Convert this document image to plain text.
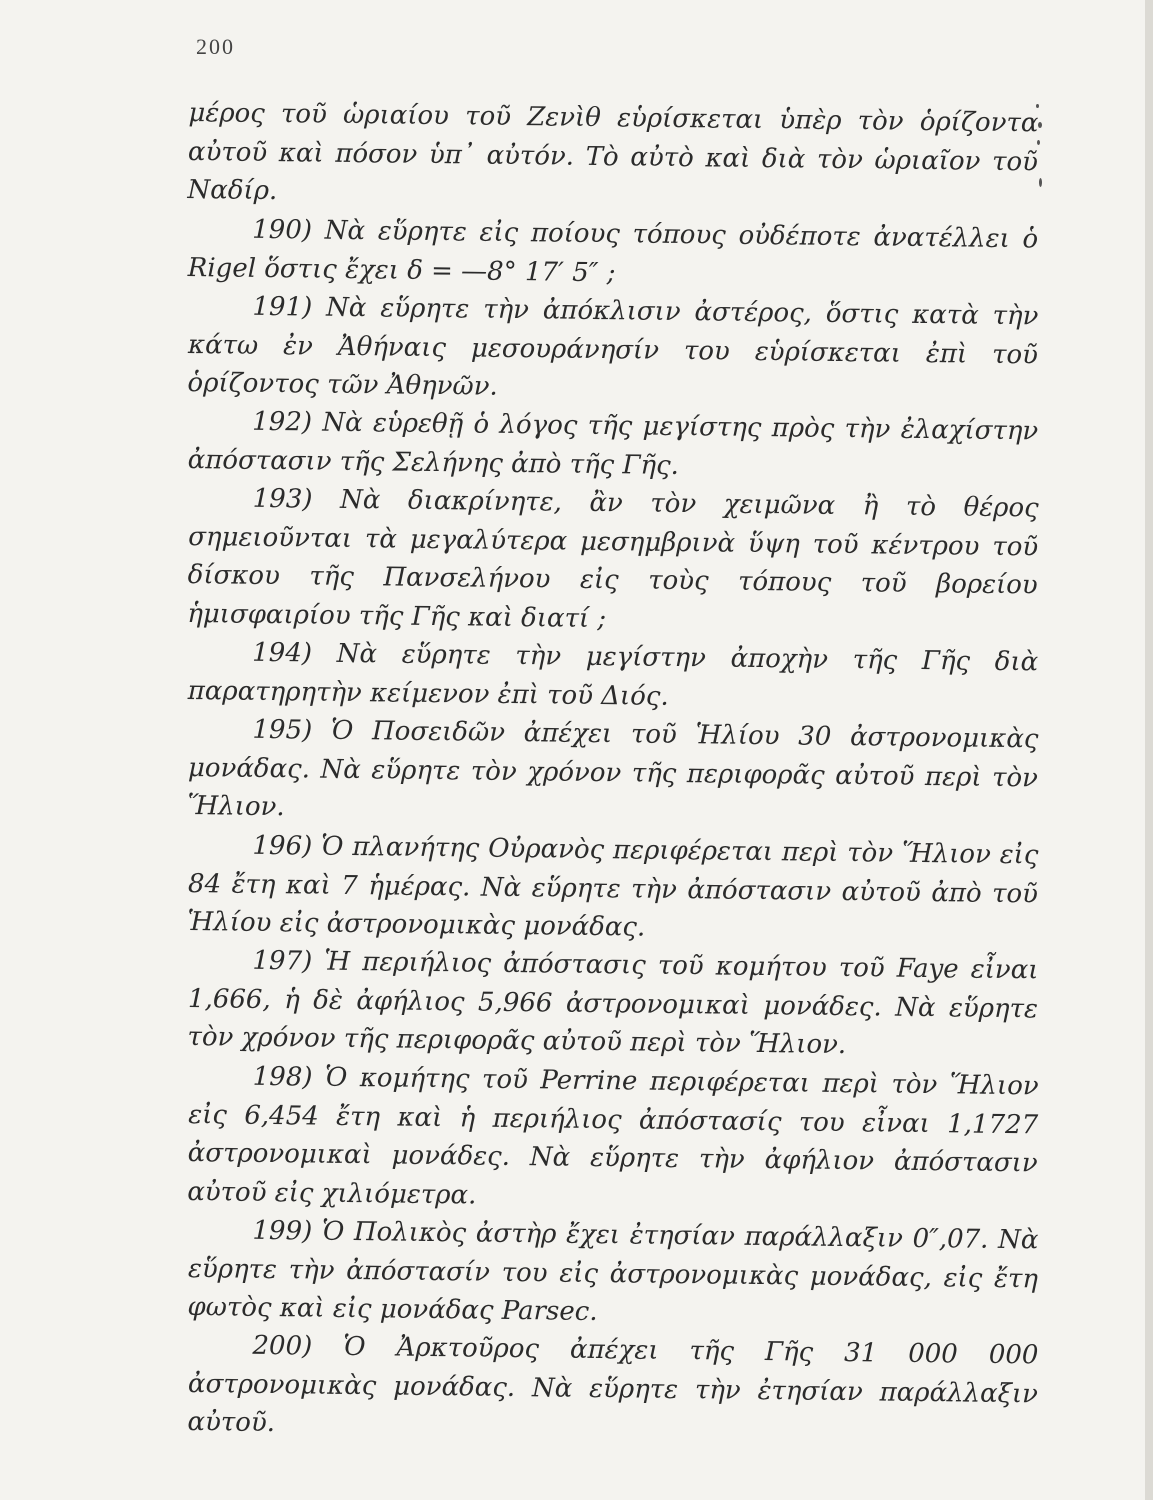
200

μέρος τοῦ ὡριαίου τοῦ Ζενὶθ εὑρίσκεται ὑπὲρ τὸν ὁρίζοντα αὐτοῦ καὶ πόσον ὑπ᾽ αὐτόν. Τὸ αὐτὸ καὶ διὰ τὸν ὡριαῖον τοῦ Ναδίρ.

190) Νὰ εὕρητε εἰς ποίους τόπους οὐδέποτε ἀνατέλλει ὁ Rigel ὅστις ἔχει δ = —8° 17′ 5″ ;

191) Νὰ εὕρητε τὴν ἀπόκλισιν ἀστέρος, ὅστις κατὰ τὴν κάτω ἐν Ἀθήναις μεσουράνησίν του εὑρίσκεται ἐπὶ τοῦ ὁρίζοντος τῶν Ἀθηνῶν.

192) Νὰ εὑρεθῇ ὁ λόγος τῆς μεγίστης πρὸς τὴν ἐλαχίστην ἀπόστασιν τῆς Σελήνης ἀπὸ τῆς Γῆς.

193) Νὰ διακρίνητε, ἂν τὸν χειμῶνα ἢ τὸ θέρος σημειοῦνται τὰ μεγαλύτερα μεσημβρινὰ ὕψη τοῦ κέντρου τοῦ δίσκου τῆς Πανσελήνου εἰς τοὺς τόπους τοῦ βορείου ἡμισφαιρίου τῆς Γῆς καὶ διατί ;

194) Νὰ εὕρητε τὴν μεγίστην ἀποχὴν τῆς Γῆς διὰ παρατηρητὴν κείμενον ἐπὶ τοῦ Διός.

195) Ὁ Ποσειδῶν ἀπέχει τοῦ Ἡλίου 30 ἀστρονομικὰς μονάδας. Νὰ εὕρητε τὸν χρόνον τῆς περιφορᾶς αὐτοῦ περὶ τὸν Ἥλιον.

196) Ὁ πλανήτης Οὐρανὸς περιφέρεται περὶ τὸν Ἥλιον εἰς 84 ἔτη καὶ 7 ἡμέρας. Νὰ εὕρητε τὴν ἀπόστασιν αὐτοῦ ἀπὸ τοῦ Ἡλίου εἰς ἀστρονομικὰς μονάδας.

197) Ἡ περιήλιος ἀπόστασις τοῦ κομήτου τοῦ Faye εἶναι 1,666, ἡ δὲ ἀφήλιος 5,966 ἀστρονομικαὶ μονάδες. Νὰ εὕρητε τὸν χρόνον τῆς περιφορᾶς αὐτοῦ περὶ τὸν Ἥλιον.

198) Ὁ κομήτης τοῦ Perrine περιφέρεται περὶ τὸν Ἥλιον εἰς 6,454 ἔτη καὶ ἡ περιήλιος ἀπόστασίς του εἶναι 1,1727 ἀστρονομικαὶ μονάδες. Νὰ εὕρητε τὴν ἀφήλιον ἀπόστασιν αὐτοῦ εἰς χιλιόμετρα.

199) Ὁ Πολικὸς ἀστὴρ ἔχει ἐτησίαν παράλλαξιν 0″,07. Νὰ εὕρητε τὴν ἀπόστασίν του εἰς ἀστρονομικὰς μονάδας, εἰς ἔτη φωτὸς καὶ εἰς μονάδας Parsec.

200) Ὁ Ἀρκτοῦρος ἀπέχει τῆς Γῆς 31 000 000 ἀστρονομικὰς μονάδας. Νὰ εὕρητε τὴν ἐτησίαν παράλλαξιν αὐτοῦ.
